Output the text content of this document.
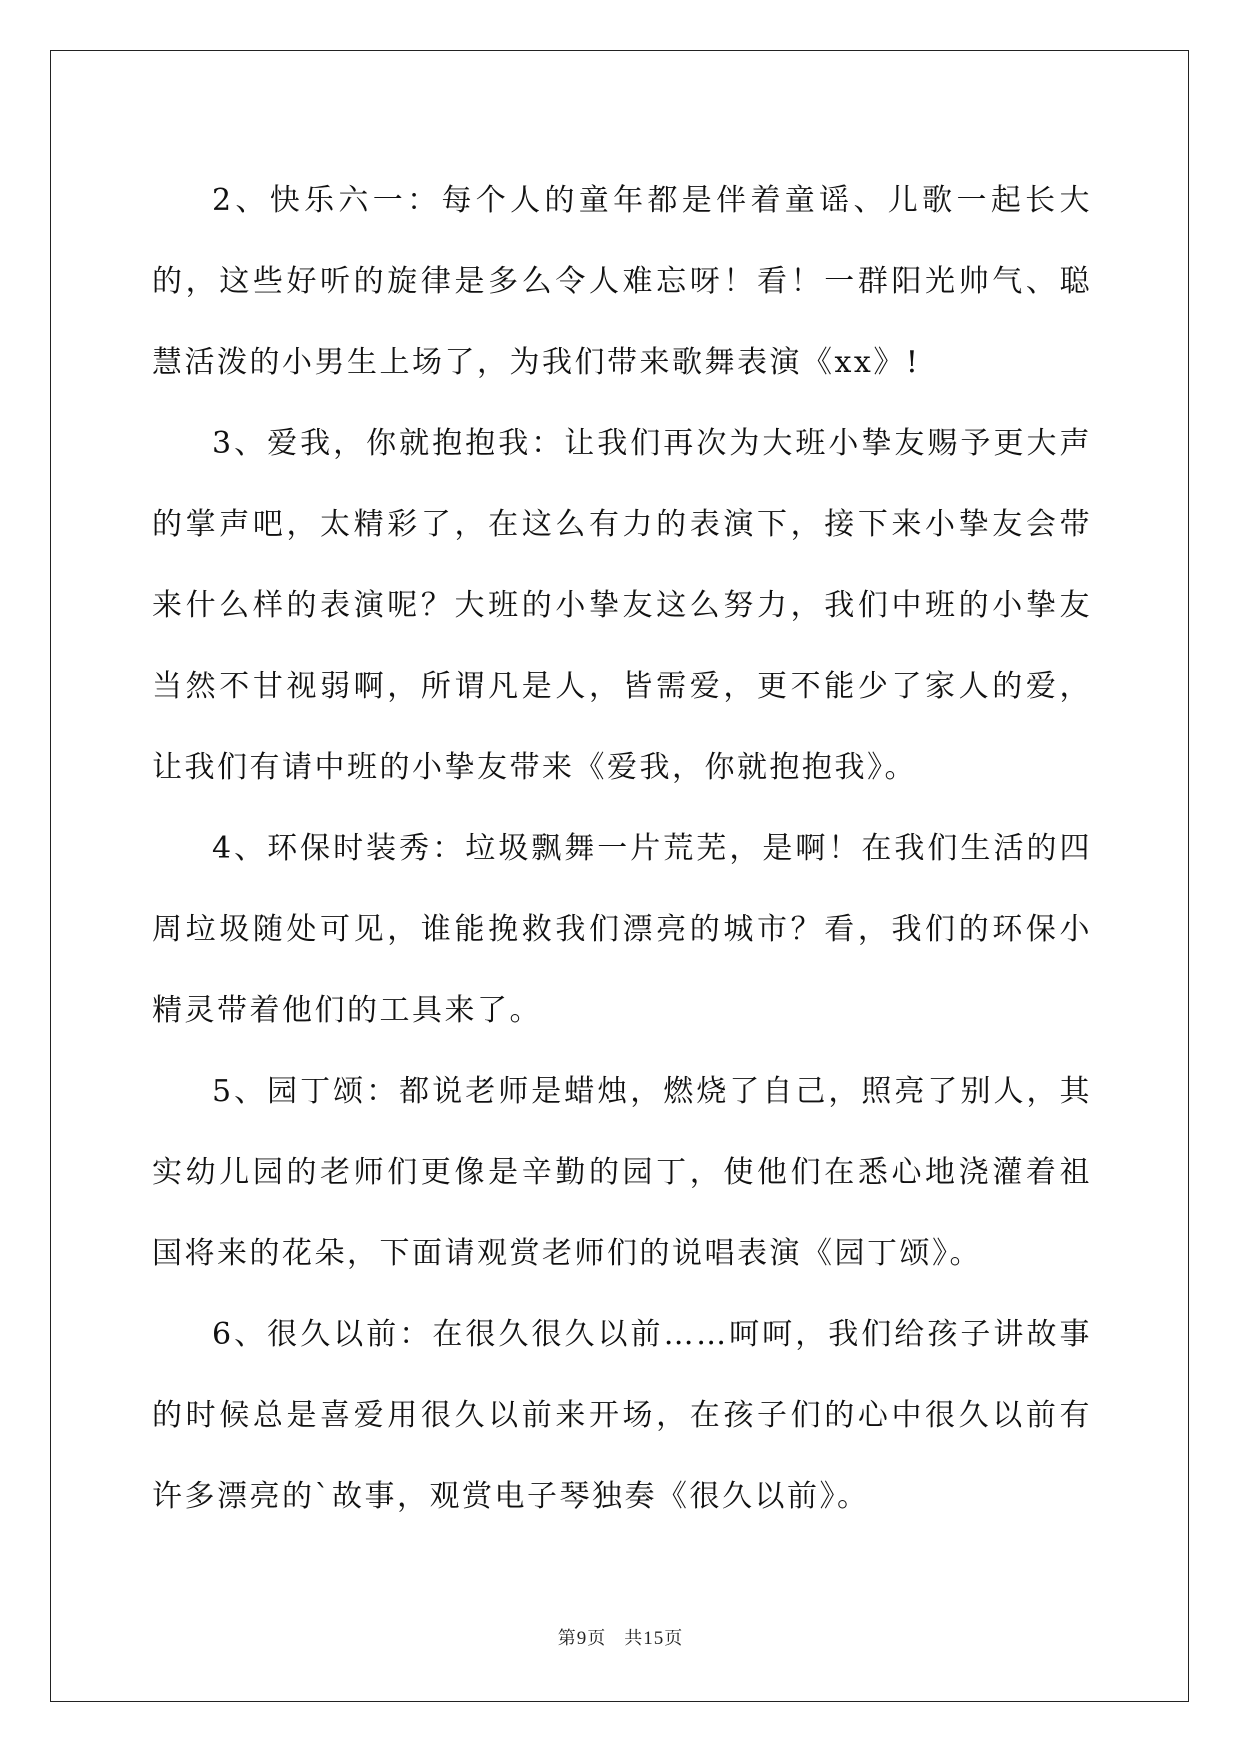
2、快乐六一：每个人的童年都是伴着童谣、儿歌一起长大的，这些好听的旋律是多么令人难忘呀！看！一群阳光帅气、聪慧活泼的小男生上场了，为我们带来歌舞表演《xx》!

3、爱我，你就抱抱我：让我们再次为大班小挚友赐予更大声的掌声吧，太精彩了，在这么有力的表演下，接下来小挚友会带来什么样的表演呢？大班的小挚友这么努力，我们中班的小挚友当然不甘视弱啊，所谓凡是人，皆需爱，更不能少了家人的爱，让我们有请中班的小挚友带来《爱我，你就抱抱我》。

4、环保时装秀：垃圾飘舞一片荒芜，是啊！在我们生活的四周垃圾随处可见，谁能挽救我们漂亮的城市？看，我们的环保小精灵带着他们的工具来了。

5、园丁颂：都说老师是蜡烛，燃烧了自己，照亮了别人，其实幼儿园的老师们更像是辛勤的园丁，使他们在悉心地浇灌着祖国将来的花朵，下面请观赏老师们的说唱表演《园丁颂》。

6、很久以前：在很久很久以前……呵呵，我们给孩子讲故事的时候总是喜爱用很久以前来开场，在孩子们的心中很久以前有许多漂亮的`故事，观赏电子琴独奏《很久以前》。

第9页 共15页
